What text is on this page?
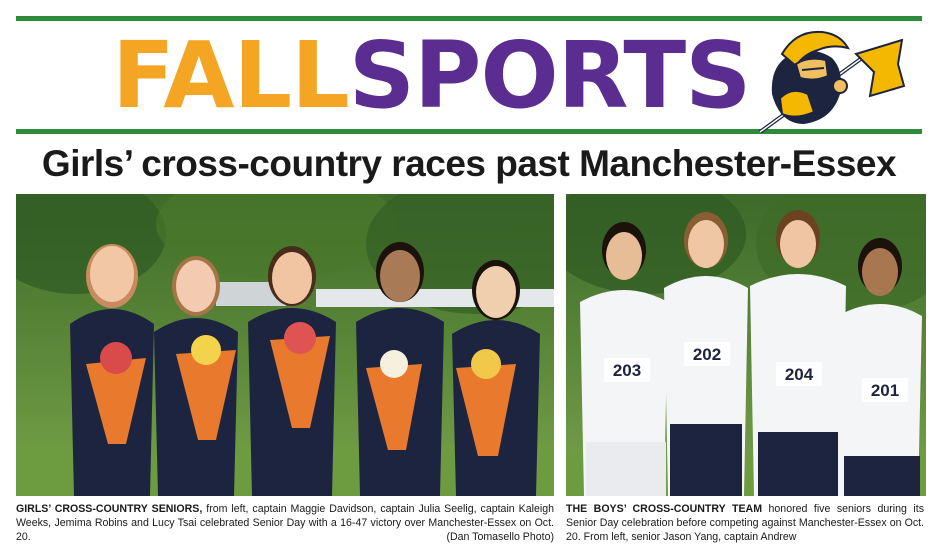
FALLSPORTS
Girls’ cross-country races past Manchester-Essex
203
202
204
201
GIRLS’ CROSS-COUNTRY SENIORS, from left, captain Maggie Davidson, captain Julia Seelig, captain Kaleigh Weeks, Jemima Robins and Lucy Tsai celebrated Senior Day with a 16-47 victory over Manchester-Essex on Oct. 20.	(Dan Tomasello Photo)
THE BOYS’ CROSS-COUNTRY TEAM honored five seniors during its Senior Day celebration before competing against Manchester-Essex on Oct. 20. From left, senior Jason Yang, captain Andrew
